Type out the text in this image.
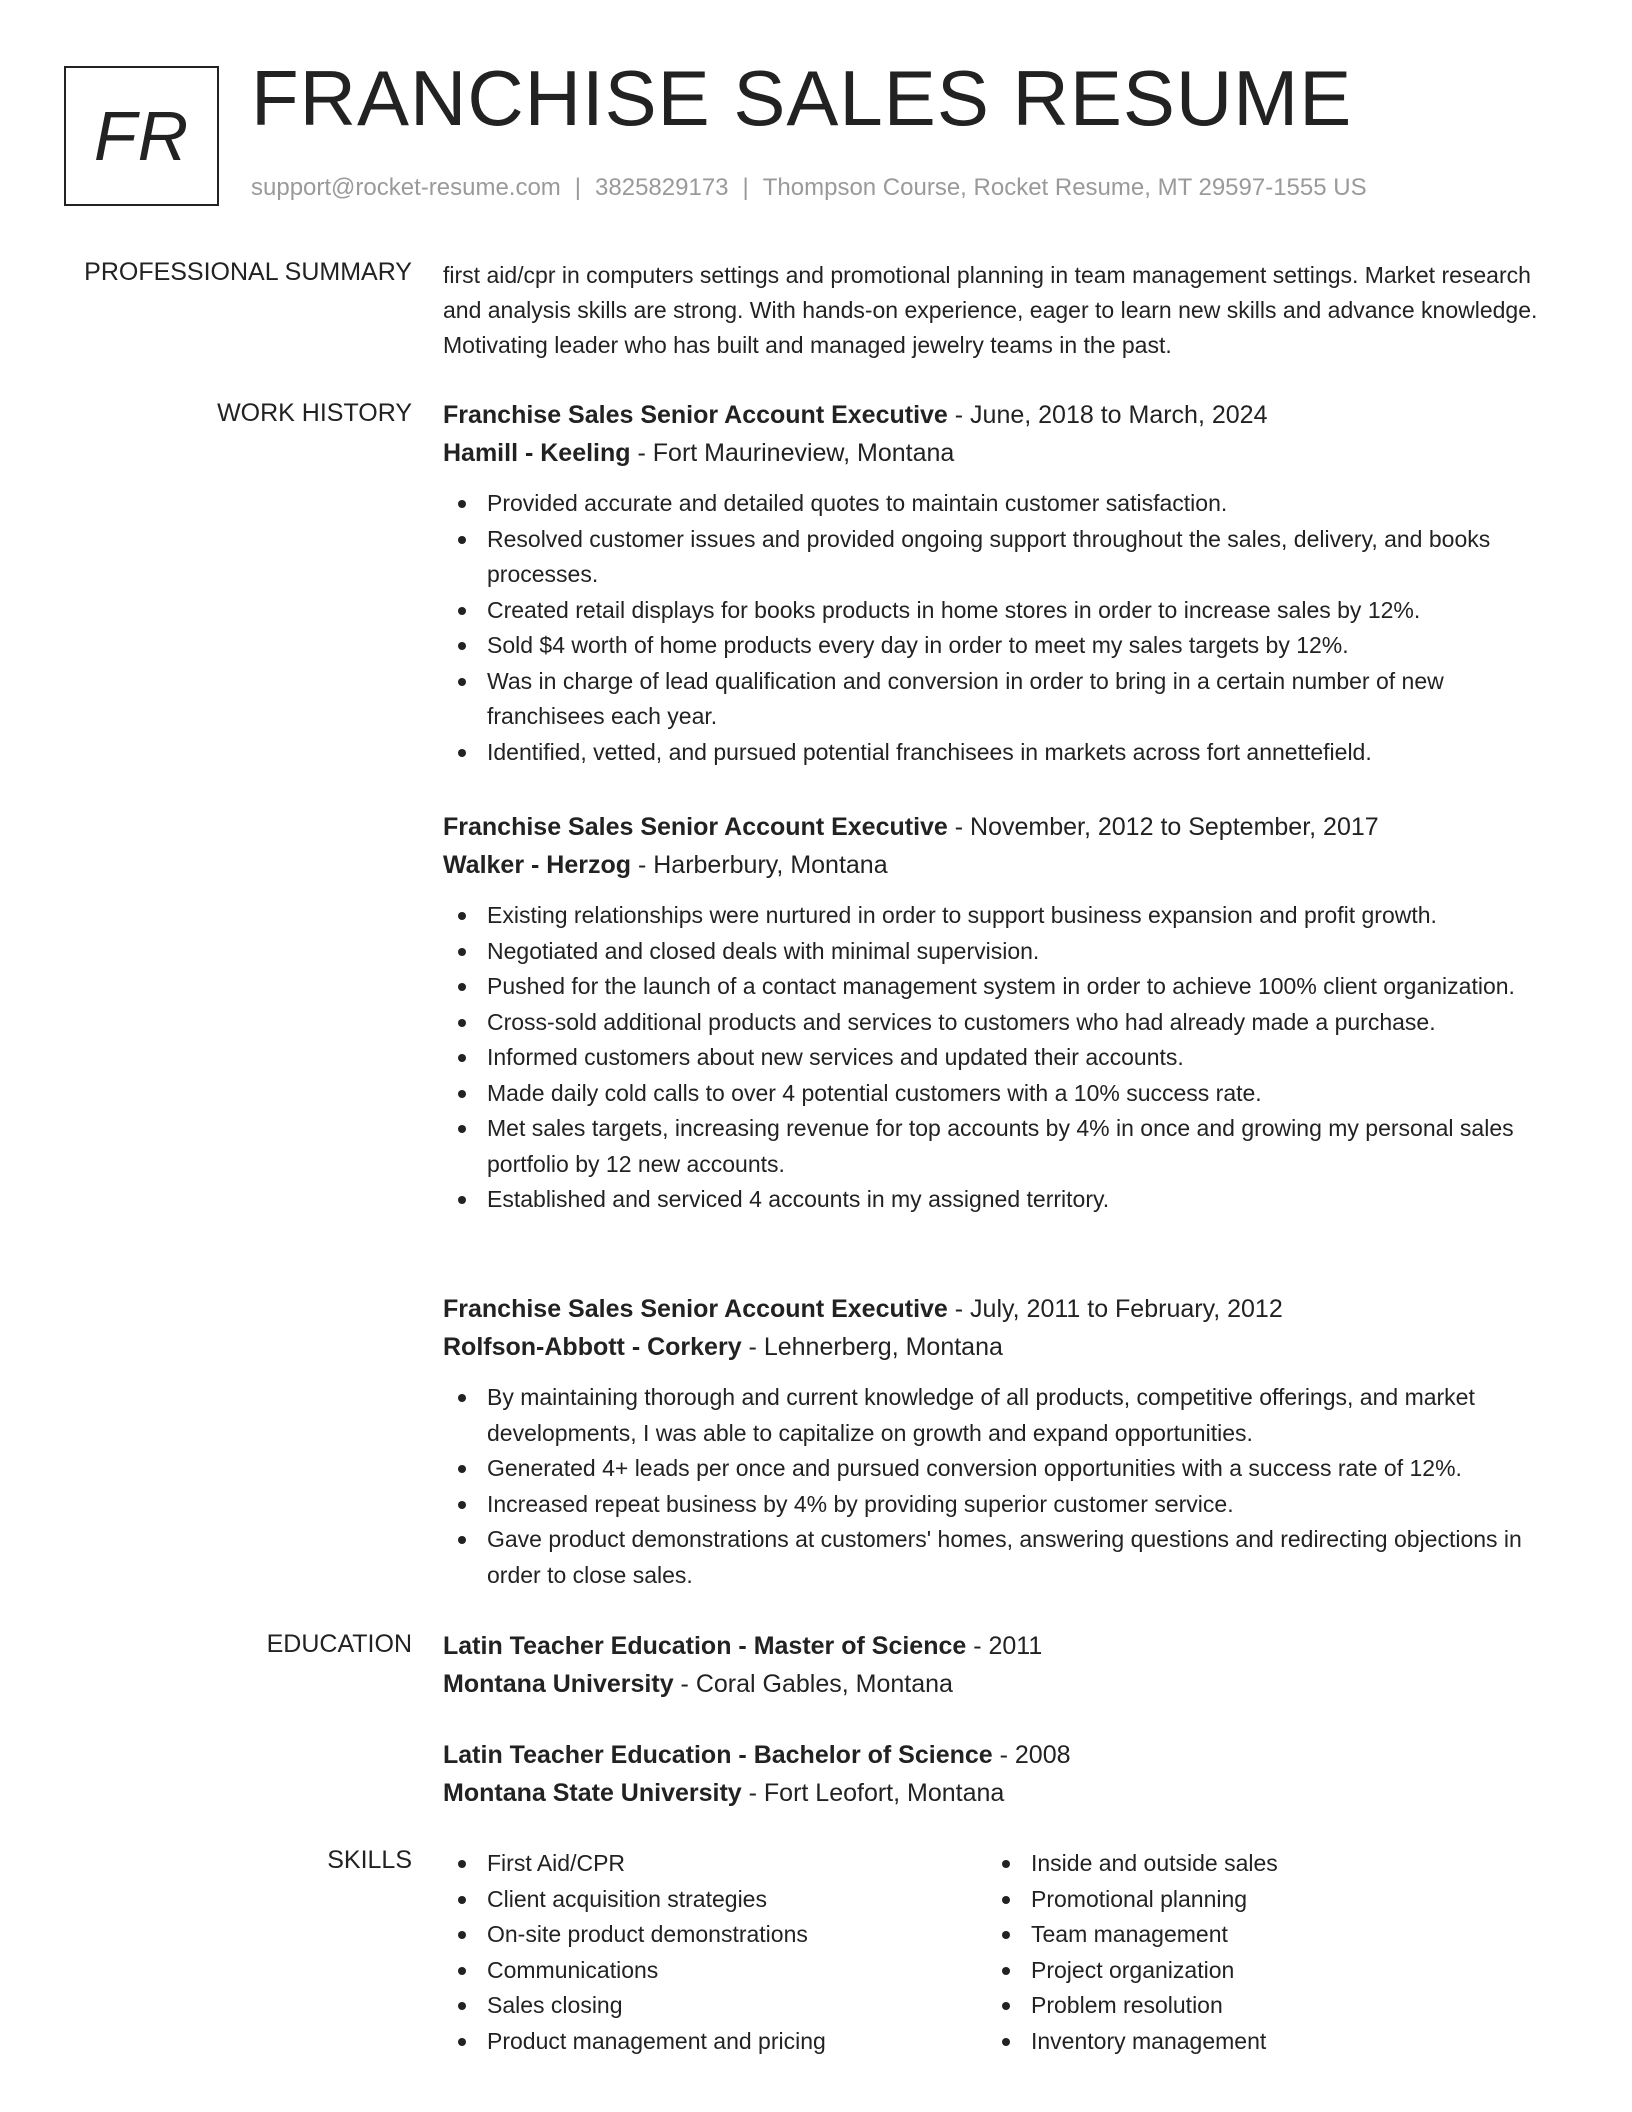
FR FRANCHISE SALES RESUME
support@rocket-resume.com | 3825829173 | Thompson Course, Rocket Resume, MT 29597-1555 US
PROFESSIONAL SUMMARY first aid/cpr in computers settings and promotional planning in team management settings. Market research and analysis skills are strong. With hands-on experience, eager to learn new skills and advance knowledge. Motivating leader who has built and managed jewelry teams in the past.
WORK HISTORY Franchise Sales Senior Account Executive - June, 2018 to March, 2024
Hamill - Keeling - Fort Maurineview, Montana
Provided accurate and detailed quotes to maintain customer satisfaction.
Resolved customer issues and provided ongoing support throughout the sales, delivery, and books processes.
Created retail displays for books products in home stores in order to increase sales by 12%.
Sold $4 worth of home products every day in order to meet my sales targets by 12%.
Was in charge of lead qualification and conversion in order to bring in a certain number of new franchisees each year.
Identified, vetted, and pursued potential franchisees in markets across fort annettefield.
Franchise Sales Senior Account Executive - November, 2012 to September, 2017
Walker - Herzog - Harberbury, Montana
Existing relationships were nurtured in order to support business expansion and profit growth.
Negotiated and closed deals with minimal supervision.
Pushed for the launch of a contact management system in order to achieve 100% client organization.
Cross-sold additional products and services to customers who had already made a purchase.
Informed customers about new services and updated their accounts.
Made daily cold calls to over 4 potential customers with a 10% success rate.
Met sales targets, increasing revenue for top accounts by 4% in once and growing my personal sales portfolio by 12 new accounts.
Established and serviced 4 accounts in my assigned territory.
Franchise Sales Senior Account Executive - July, 2011 to February, 2012
Rolfson-Abbott - Corkery - Lehnerberg, Montana
By maintaining thorough and current knowledge of all products, competitive offerings, and market developments, I was able to capitalize on growth and expand opportunities.
Generated 4+ leads per once and pursued conversion opportunities with a success rate of 12%.
Increased repeat business by 4% by providing superior customer service.
Gave product demonstrations at customers' homes, answering questions and redirecting objections in order to close sales.
EDUCATION Latin Teacher Education - Master of Science - 2011
Montana University - Coral Gables, Montana
Latin Teacher Education - Bachelor of Science - 2008
Montana State University - Fort Leofort, Montana
SKILLS	First Aid/CPR
Client acquisition strategies
On-site product demonstrations
Communications
Sales closing
Product management and pricing
Inside and outside sales
Promotional planning
Team management
Project organization
Problem resolution
Inventory management
